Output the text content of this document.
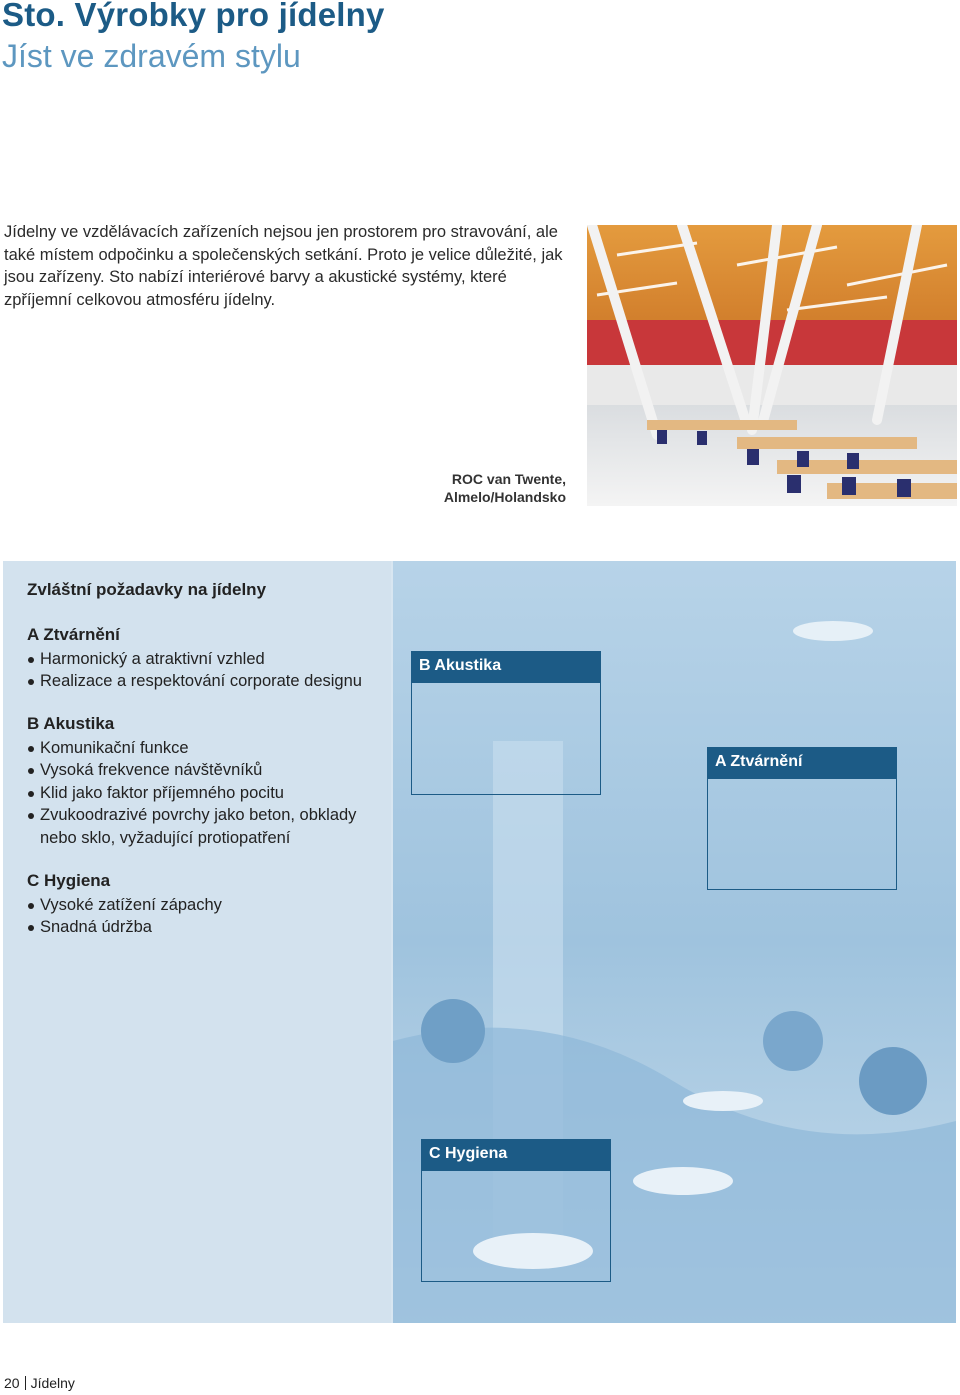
Sto. Výrobky pro jídelny
Jíst ve zdravém stylu

Jídelny ve vzdělávacích zařízeních nejsou jen prostorem pro stravování, ale také místem odpočinku a společenských setkání. Proto je velice důležité, jak jsou zařízeny. Sto nabízí interiérové barvy a akustické systémy, které zpříjemní celkovou atmosféru jídelny.

ROC van Twente,
Almelo/Holandsko

Zvláštní požadavky na jídelny
A Ztvárnění
Harmonický a atraktivní vzhled
Realizace a respektování corporate designu
B Akustika
Komunikační funkce
Vysoká frekvence návštěvníků
Klid jako faktor příjemného pocitu
Zvukoodrazivé povrchy jako beton, obklady nebo sklo, vyžadující protiopatření
C Hygiena
Vysoké zatížení zápachy
Snadná údržba
B Akustika
A Ztvárnění
C Hygiena

20 Jídelny
